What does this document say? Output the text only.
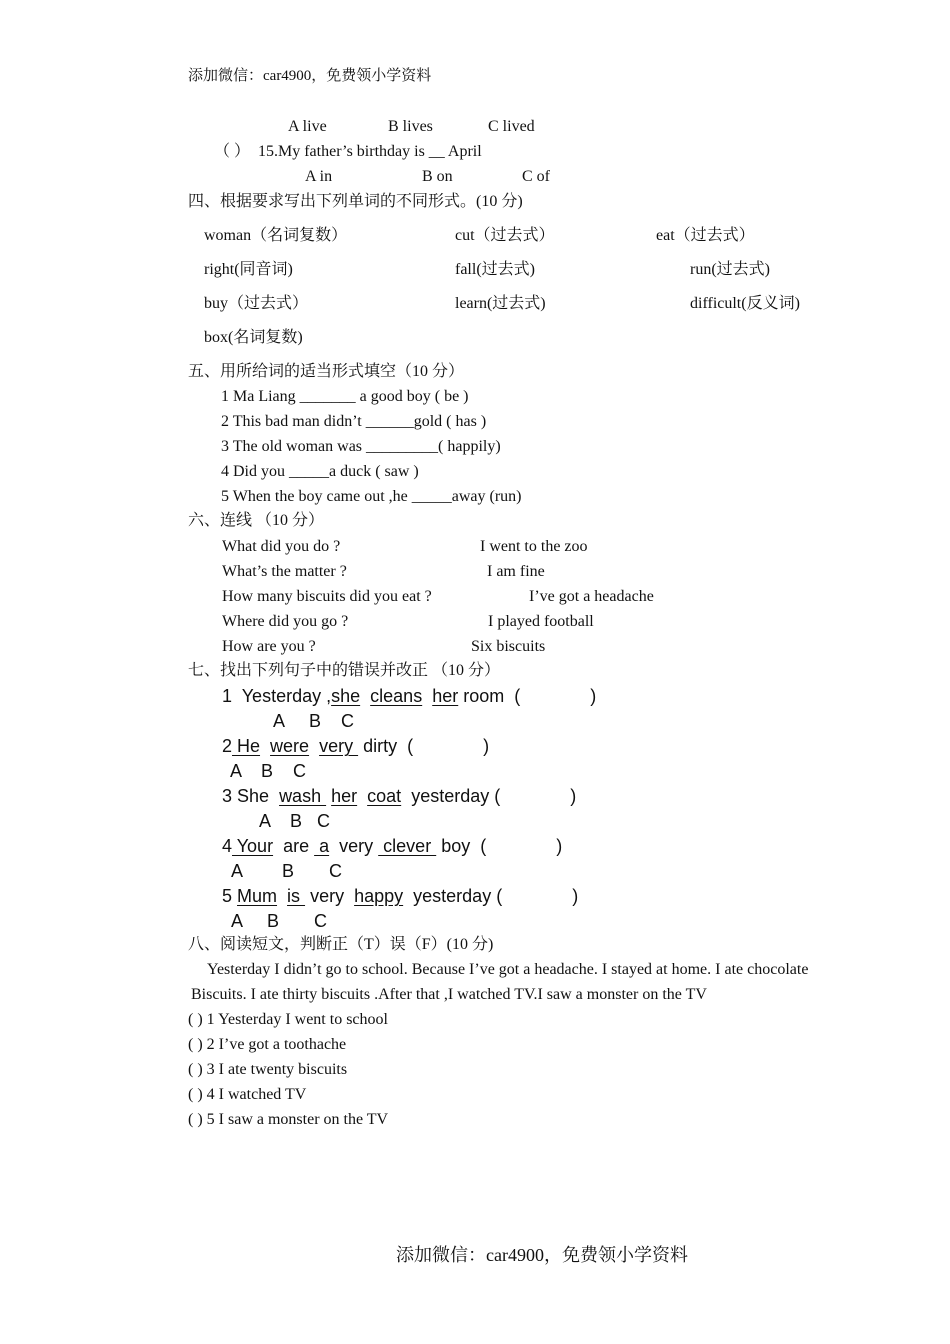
添加微信：car4900，免费领小学资料
A live	B lives	C lived
（ ） 15.My father’s birthday is __ April
A in	B on	C of
四、根据要求写出下列单词的不同形式。(10 分)
woman（名词复数）	cut（过去式）	eat（过去式）
right(同音词)	fall(过去式)	run(过去式)
buy（过去式）	learn(过去式)	difficult(反义词)
box(名词复数)
五、用所给词的适当形式填空（10 分）
1 Ma Liang _______ a good boy ( be )
2 This bad man didn’t ______gold ( has )
3 The old woman was _________( happily)
4 Did you _____a duck ( saw )
5 When the boy came out ,he _____away (run)
六、连线 （10 分）
What did you do ?
What’s the matter ?
How many biscuits did you eat ?
Where did you go ?
How are you ?
I went to the zoo
I am fine
I’ve got a headache
I played football
Six biscuits
七、找出下列句子中的错误并改正 （10 分）
1 Yesterday ,she cleans her room (              )
A     B    C
2 He were very  dirty (              )
A    B    C
3 She wash  her coat yesterday (              )
A    B   C
4 Your are  a very  clever  boy (              )
A        B       C
5 Mum is  very happy yesterday (              )
A     B       C
八、阅读短文，判断正（T）误（F）(10 分)
Yesterday I didn’t go to school. Because I’ve got a headache. I stayed at home. I ate chocolate
Biscuits. I ate thirty biscuits .After that ,I watched TV.I saw a monster on the TV
( ) 1 Yesterday I went to school
( ) 2 I’ve got a toothache
( ) 3 I ate twenty biscuits
( ) 4 I watched TV
( ) 5 I saw a monster on the TV
添加微信：car4900，免费领小学资料
